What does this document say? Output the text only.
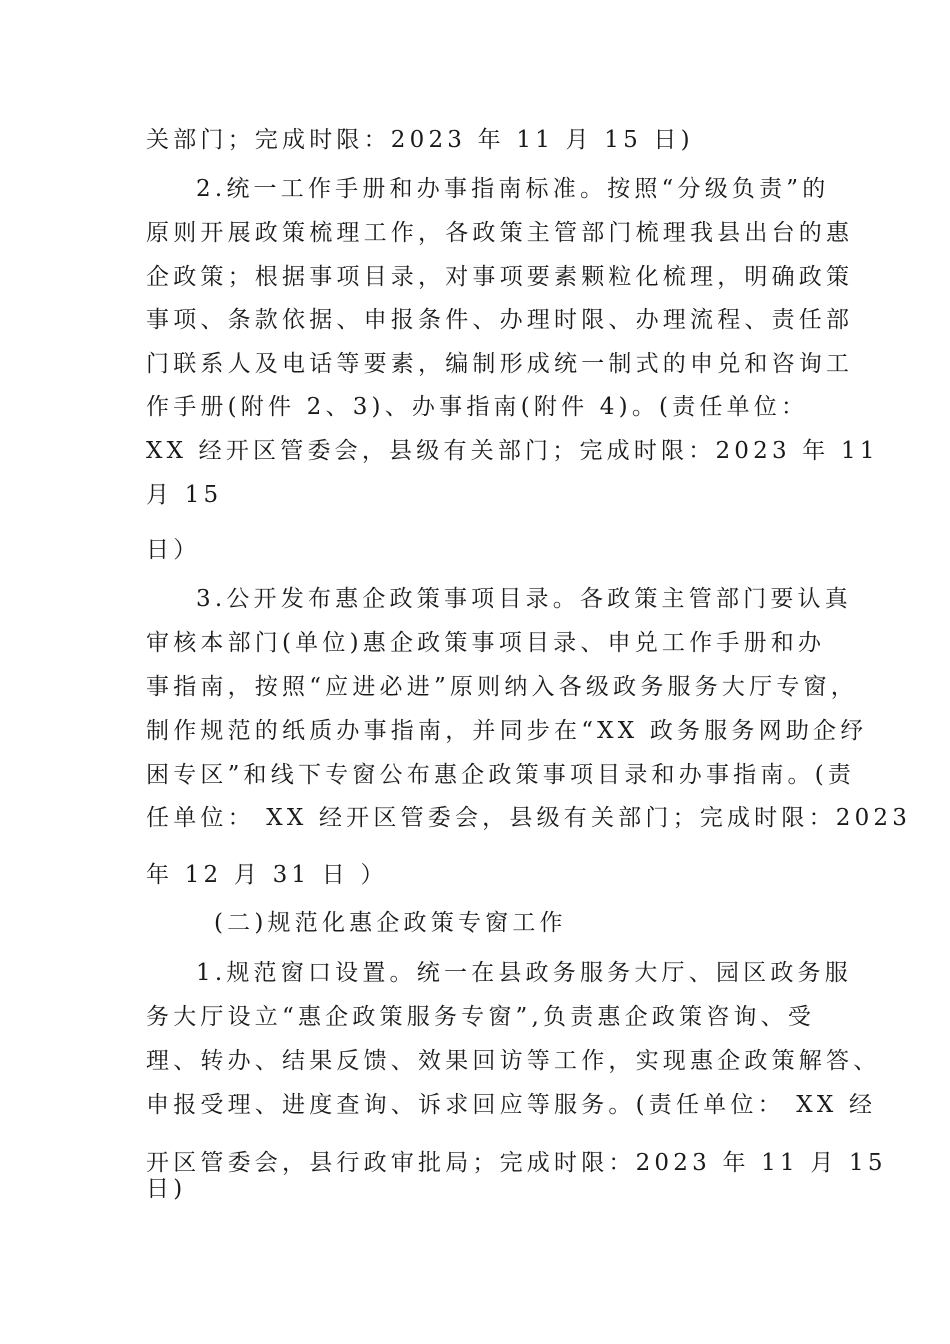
关部门；完成时限：2023 年 11 月 15 日)
2.统一工作手册和办事指南标准。按照“分级负责”的
原则开展政策梳理工作，各政策主管部门梳理我县出台的惠
企政策；根据事项目录，对事项要素颗粒化梳理，明确政策
事项、条款依据、申报条件、办理时限、办理流程、责任部
门联系人及电话等要素，编制形成统一制式的申兑和咨询工
作手册(附件 2、3)、办事指南(附件 4)。(责任单位：
XX 经开区管委会，县级有关部门；完成时限：2023 年 11
月 15
日）
3.公开发布惠企政策事项目录。各政策主管部门要认真
审核本部门(单位)惠企政策事项目录、申兑工作手册和办
事指南，按照“应进必进”原则纳入各级政务服务大厅专窗，
制作规范的纸质办事指南，并同步在“XX 政务服务网助企纾
困专区”和线下专窗公布惠企政策事项目录和办事指南。(责
任单位： XX 经开区管委会，县级有关部门；完成时限：2023
年 12 月 31 日 ）
(二)规范化惠企政策专窗工作
1.规范窗口设置。统一在县政务服务大厅、园区政务服
务大厅设立“惠企政策服务专窗”,负责惠企政策咨询、受
理、转办、结果反馈、效果回访等工作，实现惠企政策解答、
申报受理、进度查询、诉求回应等服务。(责任单位： XX 经
开区管委会，县行政审批局；完成时限：2023 年 11 月 15
日)
